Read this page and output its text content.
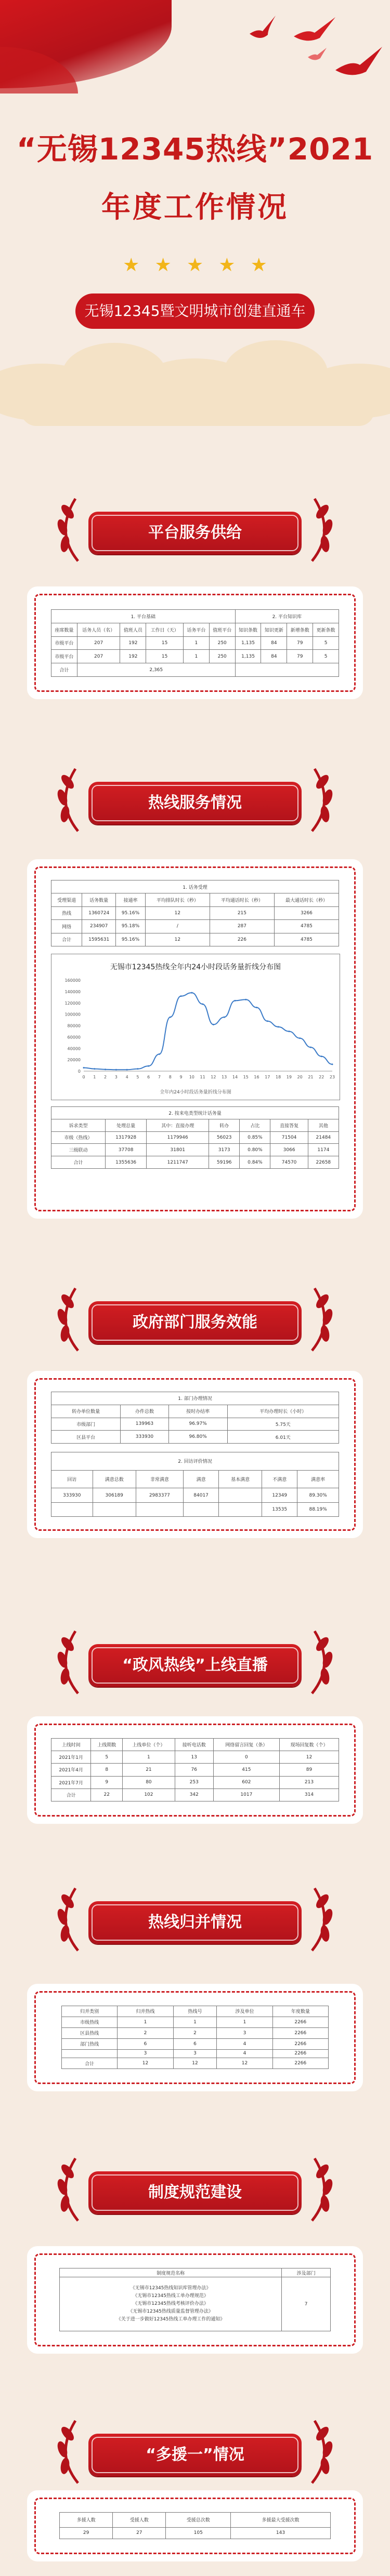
“无锡12345热线”2021
年度工作情况
★ ★ ★ ★ ★
无锡12345暨文明城市创建直通车
平台服务供给
热线服务情况
政府部门服务效能
“政风热线”上线直播
热线归并情况
制度规范建设
“多援一”情况
1. 平台基础						2. 平台知识库			
座席数量	话务人员（名）	值班人员	工作日（天）	话务平台	值班平台	知识条数	知识更新	新增条数	更新条数
市级平台	207	192	15	1	250	1,135	84	79	5
市级平台	207	192	15	1	250	1,135	84	79	5
合计	2,365								
1. 话务受理					
受理渠道	话务数量	接通率	平均排队时长（秒）	平均通话时长（秒）	最大通话时长（秒）
热线	1360724	95.16%	12	215	3266
网络	234907	95.18%	/	287	4785
合计	1595631	95.16%	12	226	4785
无锡市12345热线全年内24小时段话务量折线分布图
0
20000
40000
60000
80000
100000
120000
140000
160000
0 1 2 3 4 5 6 7 8 9 10 11 12 13 14 15 16 17 18 19 20 21 22 23
全年内24小时段话务量折线分布图
2. 按来电类型统计话务量						
诉求类型	处理总量	其中：直接办理	转办	占比	直接答复	其他
市级（热线）	1317928	1179946	56023	0.85%	71504	21484
三级联动	37708	31801	3173	0.80%	3066	1174
合计	1355636	1211747	59196	0.84%	74570	22658
1. 部门办理情况			
转办单位数量	办件总数	按时办结率	平均办理时长（小时）
市级部门	139963	96.97%	5.75天
区县平台	333930	96.80%	6.01天
2. 回访评价情况						
回访	满意总数	非常满意	满意	基本满意	不满意	满意率
333930	306189	2983377	84017		12349	89.30%
					13535	88.19%
上线时间	上线期数	上线单位（个）	接听电话数	网络留言回复（条）	现场回复数（个）
2021年1月	5	1	13	0	12
2021年4月	8	21	76	415	89
2021年7月	9	80	253	602	213
合计	22	102	342	1017	314
归并类别	归并热线	热线号	涉及单位	年度数量
市级热线	1	1	1	2266
区县热线	2	2	3	2266
部门热线	6	6	4	2266
	3	3	4	2266
合计	12	12	12	2266
制度规范名称	涉及部门

《无锡市12345热线知识库管理办法》
《无锡市12345热线工单办理规范》
《无锡市12345热线考核评价办法》
《无锡市12345热线质量监督管理办法》
《关于进一步做好12345热线工单办理工作的通知》	7
多援人数	受援人数	受援总次数	多援最大受援次数
29	27	105	143
